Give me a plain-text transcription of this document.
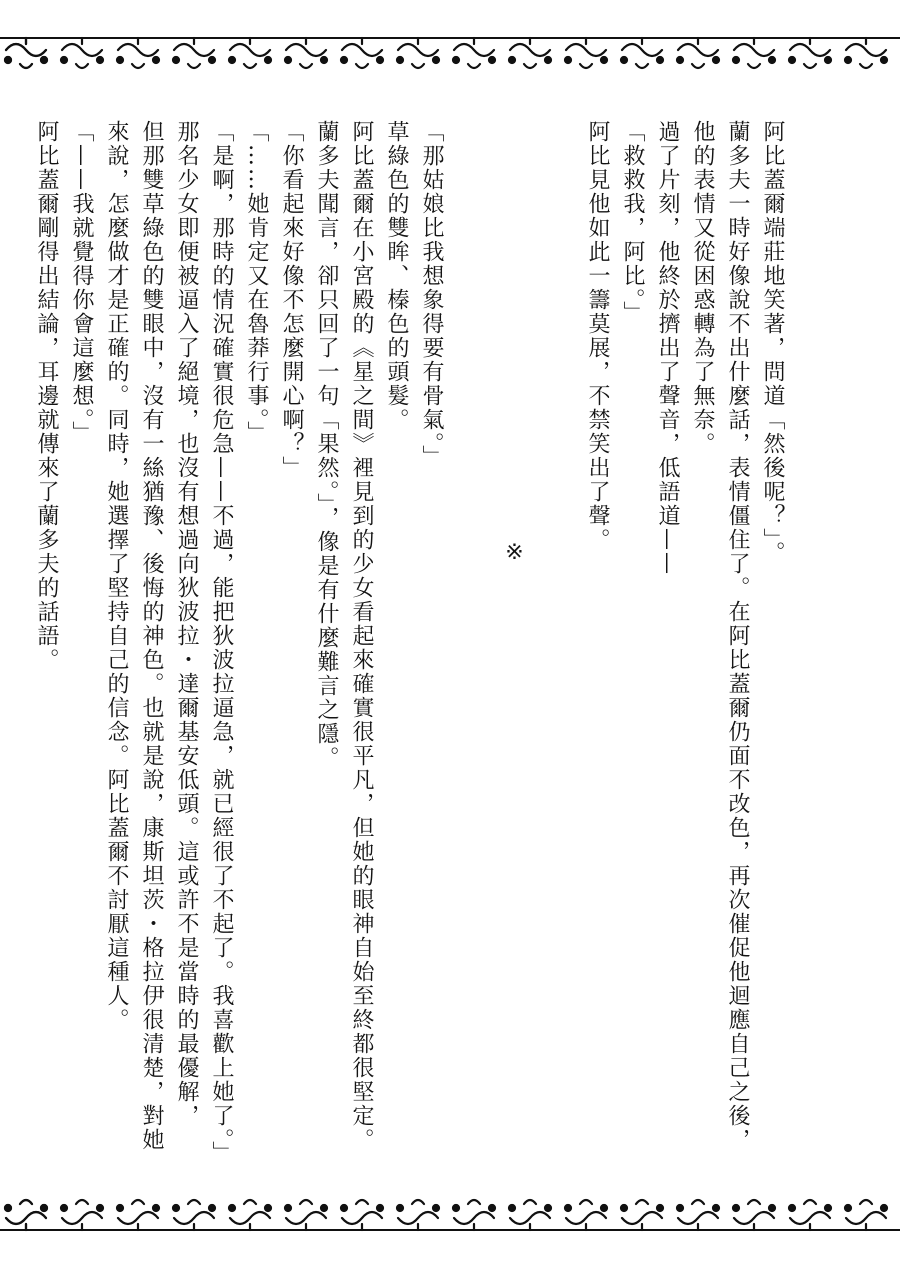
阿比蓋爾端莊地笑著，問道「然後呢？」。

蘭多夫一時好像說不出什麼話，表情僵住了。在阿比蓋爾仍面不改色，再次催促他迴應自己之後，

他的表情又從困惑轉為了無奈。

過了片刻，他終於擠出了聲音，低語道——

「救救我，阿比。」

阿比見他如此一籌莫展，不禁笑出了聲。

※

「那姑娘比我想象得要有骨氣。」

草綠色的雙眸、榛色的頭髮。

阿比蓋爾在小宮殿的《星之間》裡見到的少女看起來確實很平凡，但她的眼神自始至終都很堅定。

蘭多夫聞言，卻只回了一句「果然。」，像是有什麼難言之隱。

「你看起來好像不怎麼開心啊？」

「……她肯定又在魯莽行事。」

「是啊，那時的情況確實很危急——不過，能把狄波拉逼急，就已經很了不起了。我喜歡上她了。」

那名少女即便被逼入了絕境，也沒有想過向狄波拉・達爾基安低頭。這或許不是當時的最優解，

但那雙草綠色的雙眼中，沒有一絲猶豫、後悔的神色。也就是說，康斯坦茨・格拉伊很清楚，對她

來說，怎麼做才是正確的。同時，她選擇了堅持自己的信念。阿比蓋爾不討厭這種人。

「——我就覺得你會這麼想。」

阿比蓋爾剛得出結論，耳邊就傳來了蘭多夫的話語。
